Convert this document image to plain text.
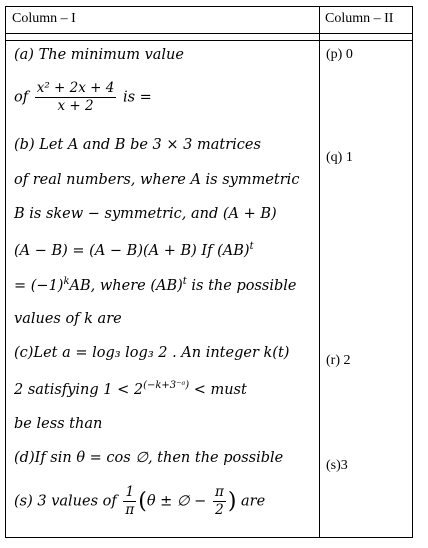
Column – I	Column – II
(a) The minimum value
of $\frac{\text{x² + 2x + 4}}{x + 2}$ is =
(b) Let A and B be 3 × 3 matrices
of real numbers, where A is symmetric
B is skew − symmetric, and (A + B)
(A − B) = (A − B)(A + B) If (AB)$^t$
= $(-1)^kAB$, where (AB)$^t$ is the possible
values of k are
(c)Let a = log₃ log₃ 2 . An integer k(t)
2 satisfying $1 < 2^{(-k+3^-ᵃ)}$ < must
be less than
(d)If sin θ = cos ∅, then the possible
(s) 3 values of $\frac{1}{\pi} (\theta$ ± ∅ − $\frac{\pi}{2}$ ) are
(p) 0
(q) 1
(r) 2
(s)3
